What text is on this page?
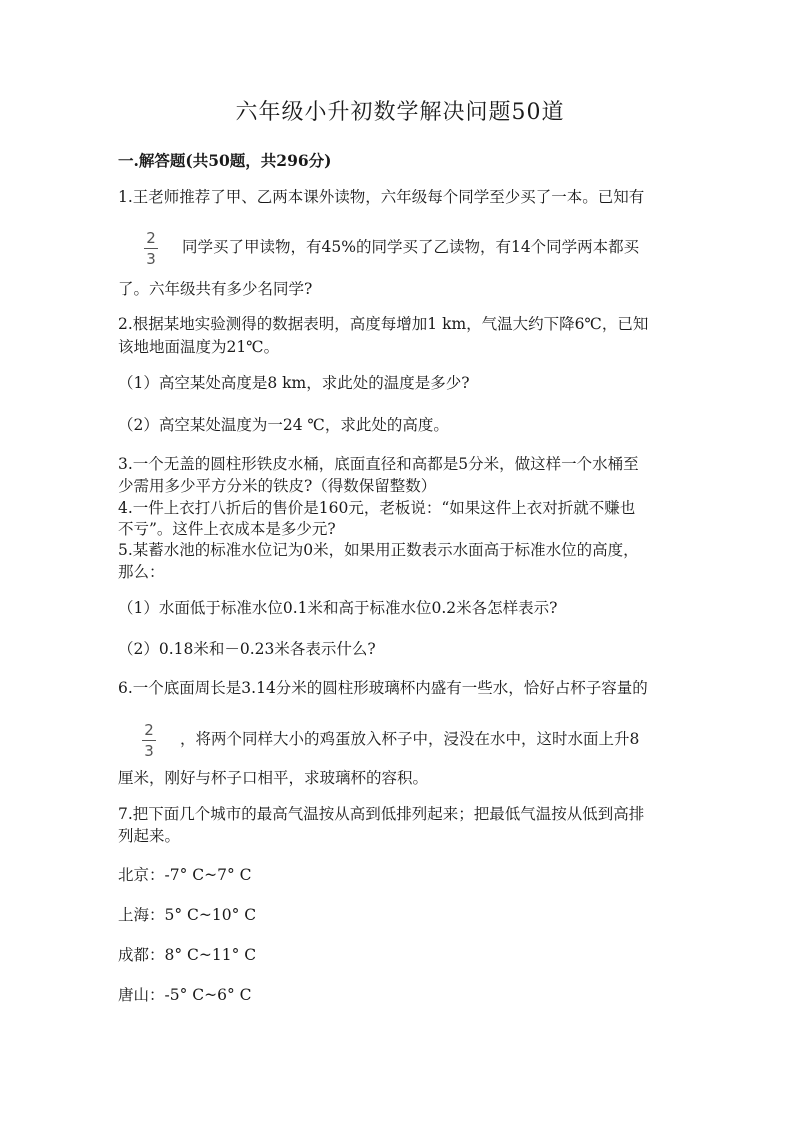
六年级小升初数学解决问题50道
一.解答题(共50题，共296分)
1.王老师推荐了甲、乙两本课外读物，六年级每个同学至少买了一本。已知有
2
3
同学买了甲读物，有45%的同学买了乙读物，有14个同学两本都买
了。六年级共有多少名同学?
2.根据某地实验测得的数据表明，高度每增加1 km，气温大约下降6℃，已知
该地地面温度为21℃。
（1）高空某处高度是8 km，求此处的温度是多少?
（2）高空某处温度为一24 ℃，求此处的高度。
3.一个无盖的圆柱形铁皮水桶，底面直径和高都是5分米，做这样一个水桶至
少需用多少平方分米的铁皮?（得数保留整数）
4.一件上衣打八折后的售价是160元，老板说：“如果这件上衣对折就不赚也
不亏”。这件上衣成本是多少元?
5.某蓄水池的标准水位记为0米，如果用正数表示水面高于标准水位的高度，
那么：
（1）水面低于标准水位0.1米和高于标准水位0.2米各怎样表示?
（2）0.18米和－0.23米各表示什么?
6.一个底面周长是3.14分米的圆柱形玻璃杯内盛有一些水，恰好占杯子容量的
2
3
，将两个同样大小的鸡蛋放入杯子中，浸没在水中，这时水面上升8
厘米，刚好与杯子口相平，求玻璃杯的容积。
7.把下面几个城市的最高气温按从高到低排列起来；把最低气温按从低到高排
列起来。
北京：-7° C~7° C
上海：5° C~10° C
成都：8° C~11° C
唐山：-5° C~6° C
